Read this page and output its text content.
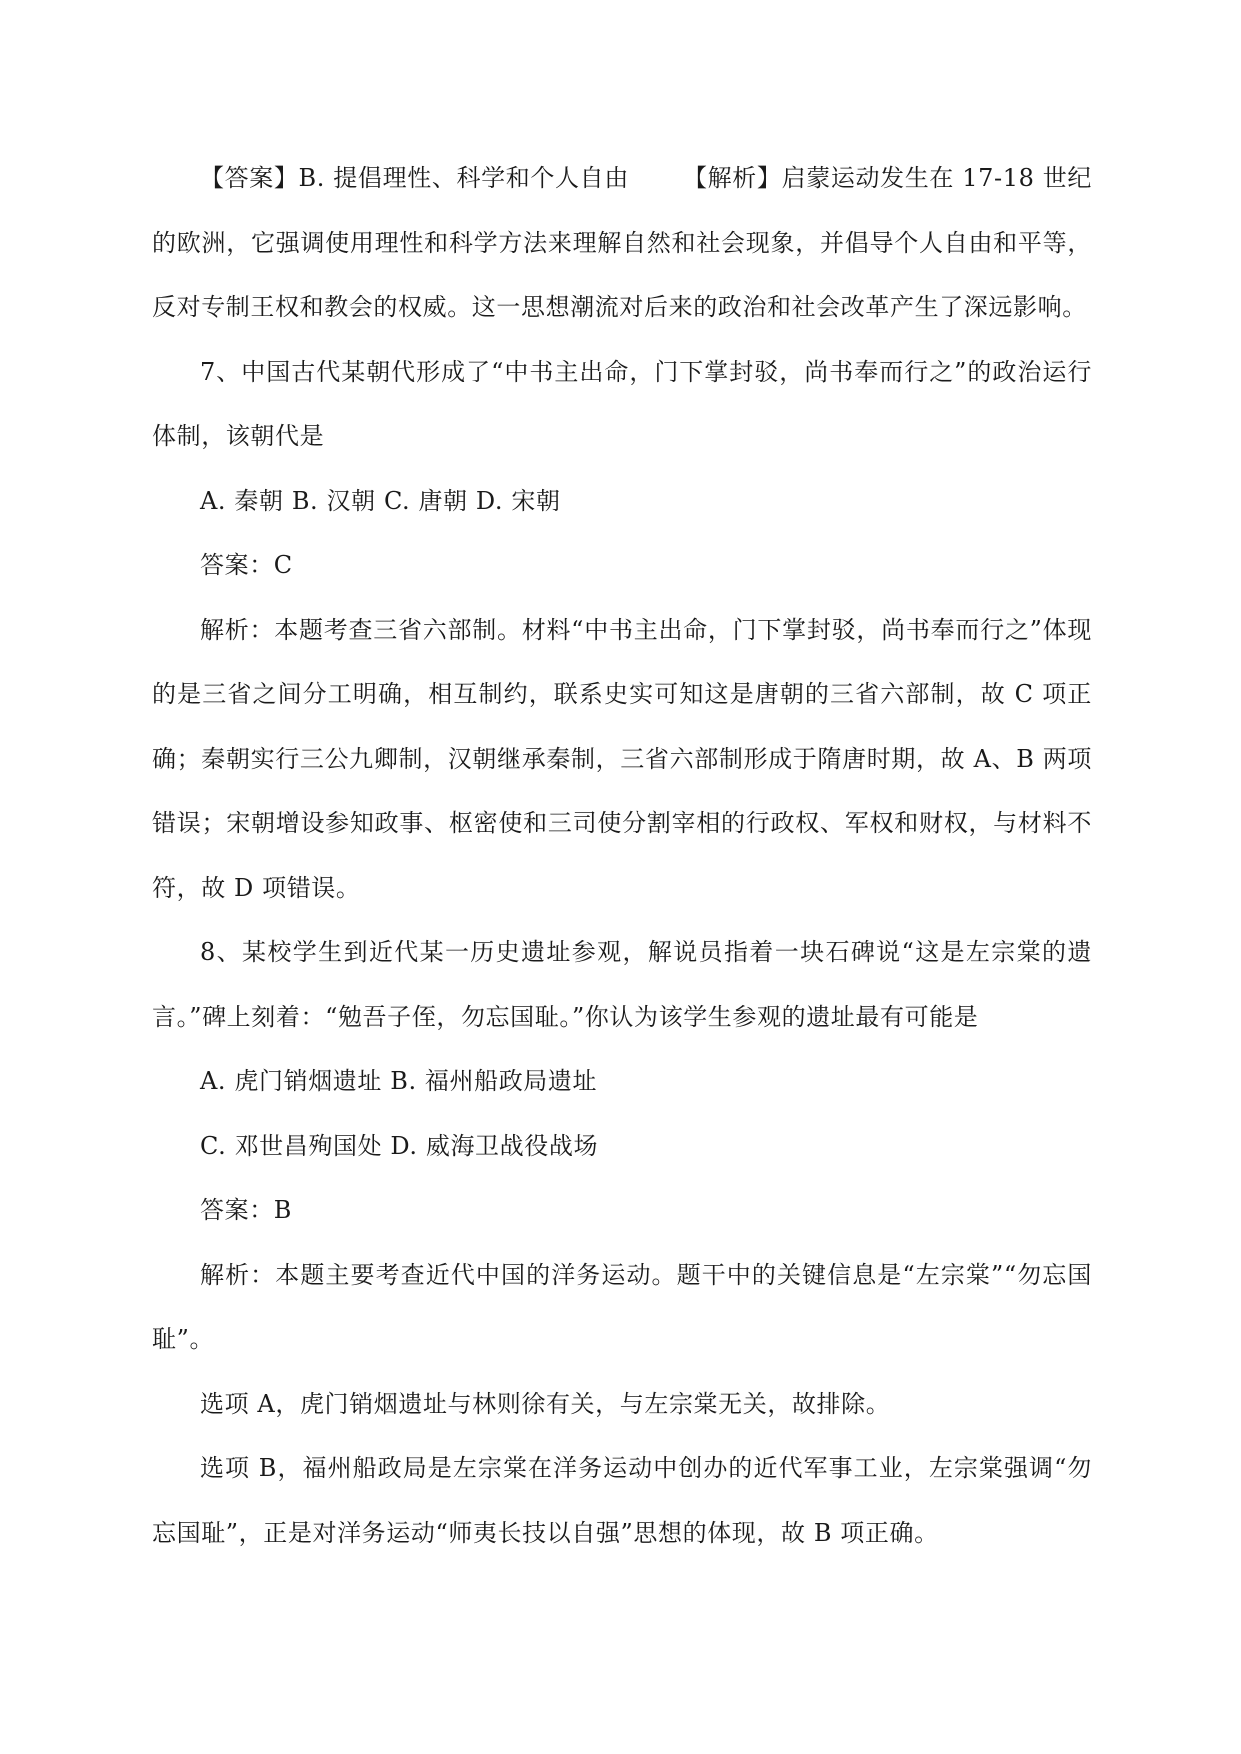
【答案】B. 提倡理性、科学和个人自由 【解析】启蒙运动发生在 17-18 世纪的欧洲，它强调使用理性和科学方法来理解自然和社会现象，并倡导个人自由和平等，反对专制王权和教会的权威。这一思想潮流对后来的政治和社会改革产生了深远影响。

7、中国古代某朝代形成了“中书主出命，门下掌封驳，尚书奉而行之”的政治运行体制，该朝代是

A. 秦朝 B. 汉朝 C. 唐朝 D. 宋朝

答案：C

解析：本题考查三省六部制。材料“中书主出命，门下掌封驳，尚书奉而行之”体现的是三省之间分工明确，相互制约，联系史实可知这是唐朝的三省六部制，故 C 项正确；秦朝实行三公九卿制，汉朝继承秦制，三省六部制形成于隋唐时期，故 A、B 两项错误；宋朝增设参知政事、枢密使和三司使分割宰相的行政权、军权和财权，与材料不符，故 D 项错误。

8、某校学生到近代某一历史遗址参观，解说员指着一块石碑说“这是左宗棠的遗言。”碑上刻着：“勉吾子侄，勿忘国耻。”你认为该学生参观的遗址最有可能是

A. 虎门销烟遗址 B. 福州船政局遗址

C. 邓世昌殉国处 D. 威海卫战役战场

答案：B

解析：本题主要考查近代中国的洋务运动。题干中的关键信息是“左宗棠”“勿忘国耻”。

选项 A，虎门销烟遗址与林则徐有关，与左宗棠无关，故排除。

选项 B，福州船政局是左宗棠在洋务运动中创办的近代军事工业，左宗棠强调“勿忘国耻”，正是对洋务运动“师夷长技以自强”思想的体现，故 B 项正确。
